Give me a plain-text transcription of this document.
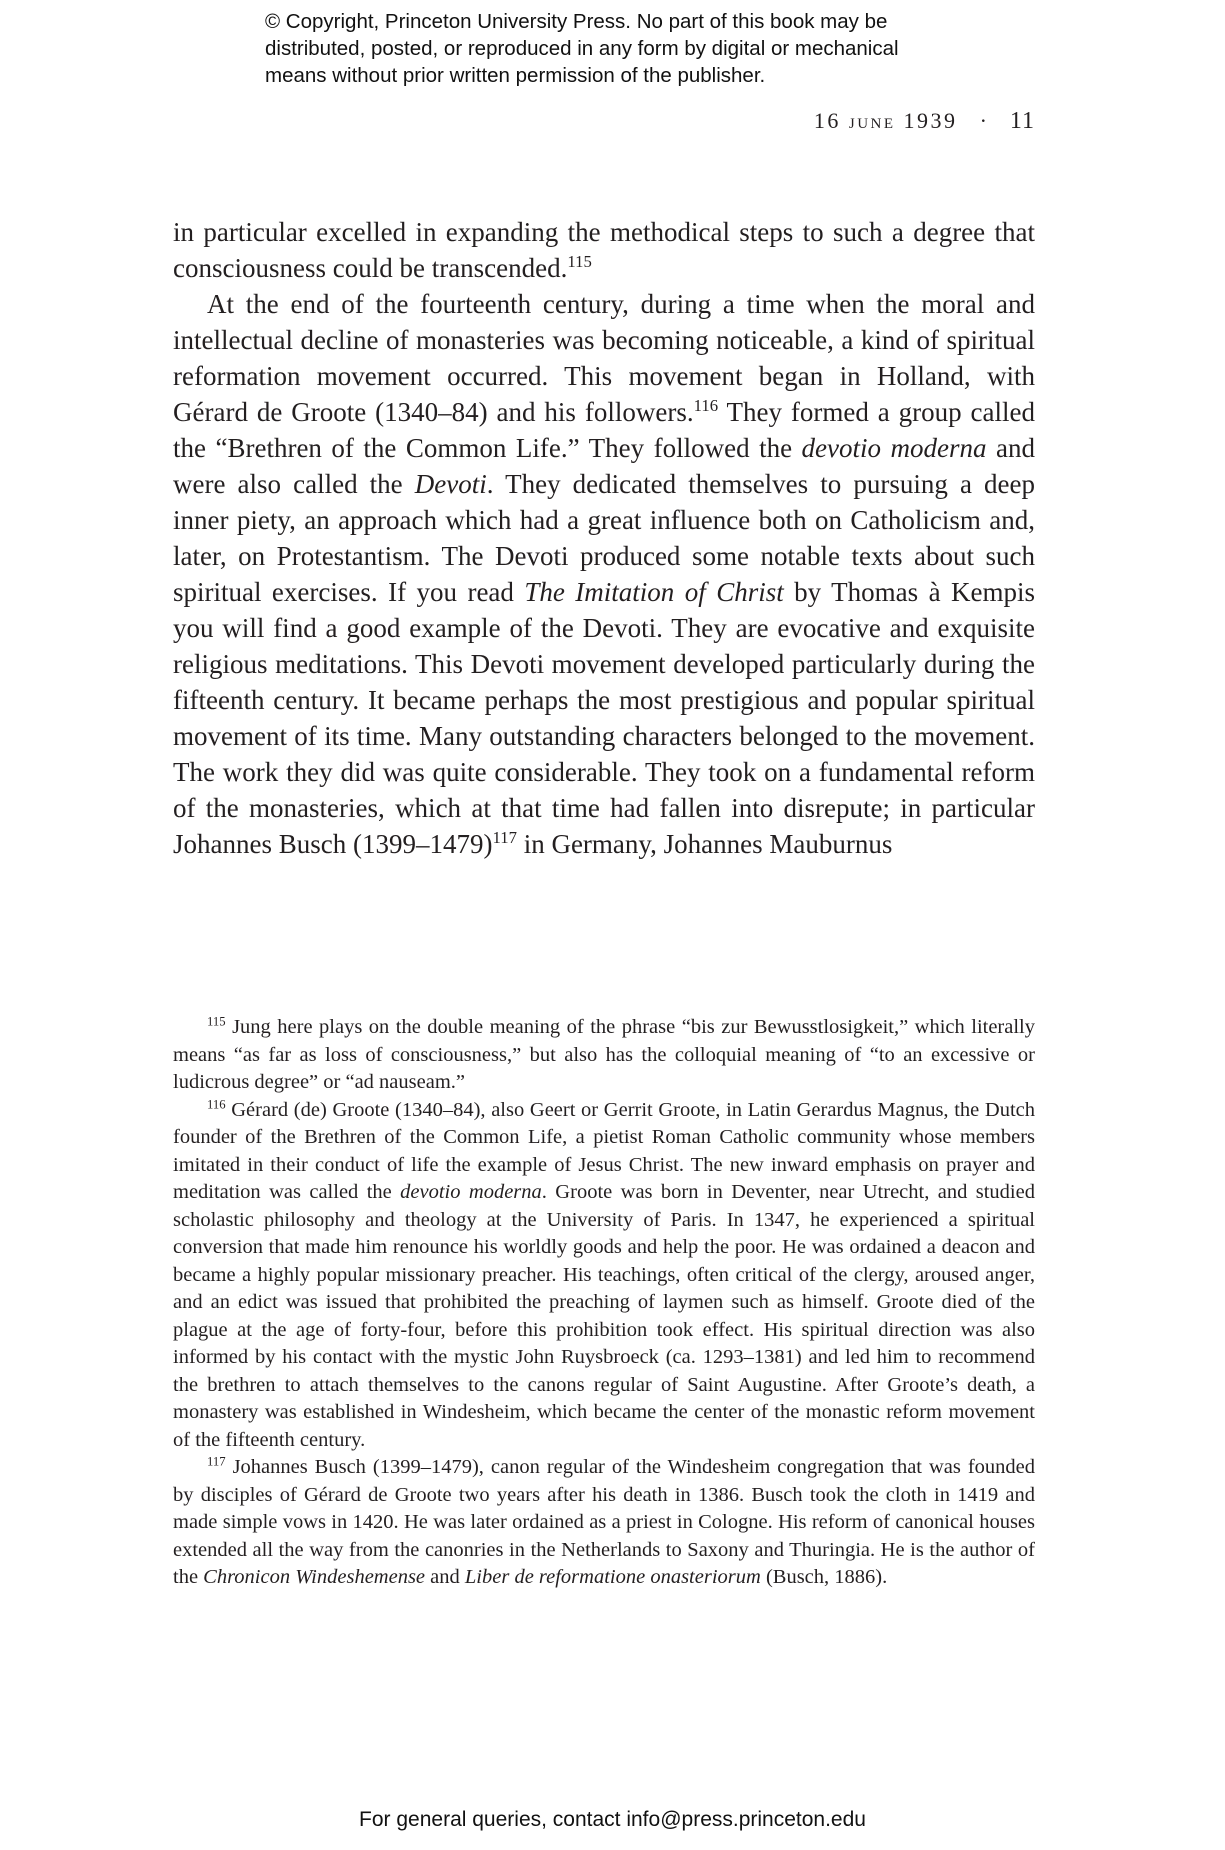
© Copyright, Princeton University Press. No part of this book may be
distributed, posted, or reproduced in any form by digital or mechanical
means without prior written permission of the publisher.
16 june 1939 · 11

in particular excelled in expanding the methodical steps to such a degree that consciousness could be transcended.$^{115}$

At the end of the fourteenth century, during a time when the moral and intellectual decline of monasteries was becoming noticeable, a kind of spiritual reformation movement occurred. This movement began in Holland, with Gérard de Groote (1340–84) and his followers.$^{116}$ They formed a group called the “Brethren of the Common Life.” They followed the devotio moderna and were also called the Devoti. They dedicated themselves to pursuing a deep inner piety, an approach which had a great influence both on Catholicism and, later, on Protestantism. The Devoti produced some notable texts about such spiritual exercises. If you read The Imitation of Christ by Thomas à Kempis you will find a good example of the Devoti. They are evocative and exquisite religious meditations. This Devoti movement developed particularly during the fifteenth century. It became perhaps the most prestigious and popular spiritual movement of its time. Many outstanding characters belonged to the movement. The work they did was quite considerable. They took on a fundamental reform of the monasteries, which at that time had fallen into disrepute; in particular Johannes Busch (1399–1479)$^{117}$ in Germany, Johannes Mauburnus

$^{115}$ Jung here plays on the double meaning of the phrase “bis zur Bewusstlosigkeit,” which literally means “as far as loss of consciousness,” but also has the colloquial meaning of “to an excessive or ludicrous degree” or “ad nauseam.”

$^{116}$ Gérard (de) Groote (1340–84), also Geert or Gerrit Groote, in Latin Gerardus Magnus, the Dutch founder of the Brethren of the Common Life, a pietist Roman Catholic community whose members imitated in their conduct of life the example of Jesus Christ. The new inward emphasis on prayer and meditation was called the devotio moderna. Groote was born in Deventer, near Utrecht, and studied scholastic philosophy and theology at the University of Paris. In 1347, he experienced a spiritual conversion that made him renounce his worldly goods and help the poor. He was ordained a deacon and became a highly popular missionary preacher. His teachings, often critical of the clergy, aroused anger, and an edict was issued that prohibited the preaching of laymen such as himself. Groote died of the plague at the age of forty-four, before this prohibition took effect. His spiritual direction was also informed by his contact with the mystic John Ruysbroeck (ca. 1293–1381) and led him to recommend the brethren to attach themselves to the canons regular of Saint Augustine. After Groote’s death, a monastery was established in Windesheim, which became the center of the monastic reform movement of the fifteenth century.

$^{117}$ Johannes Busch (1399–1479), canon regular of the Windesheim congregation that was founded by disciples of Gérard de Groote two years after his death in 1386. Busch took the cloth in 1419 and made simple vows in 1420. He was later ordained as a priest in Cologne. His reform of canonical houses extended all the way from the canonries in the Netherlands to Saxony and Thuringia. He is the author of the Chronicon Windeshemense and Liber de reformatione onasteriorum (Busch, 1886).

For general queries, contact info@press.princeton.edu
